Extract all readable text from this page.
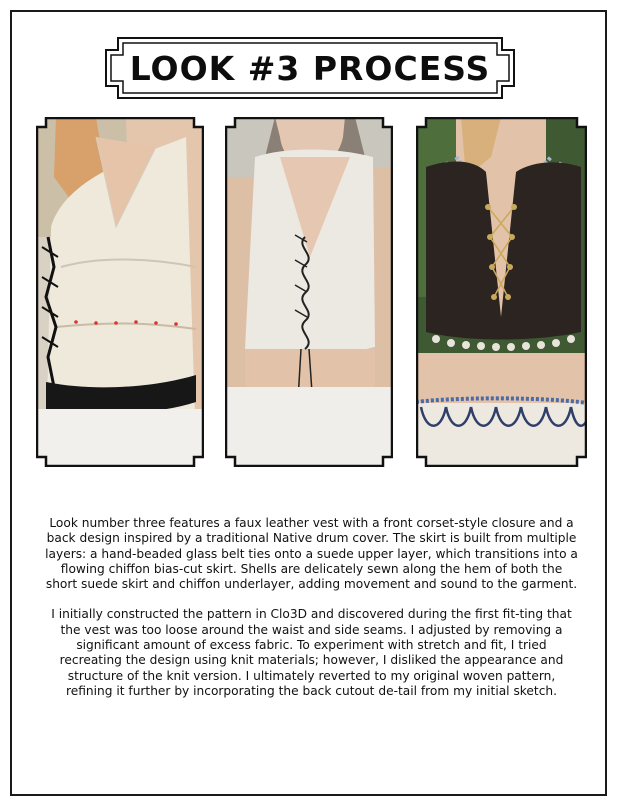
LOOK #3 PROCESS

Look number three features a faux leather vest with a front corset-style closure and a back design inspired by a traditional Native drum cover. The skirt is built from multiple layers: a hand-beaded glass belt ties onto a suede upper layer, which transitions into a flowing chiffon bias-cut skirt. Shells are delicately sewn along the hem of both the short suede skirt and chiffon underlayer, adding movement and sound to the garment.

I initially constructed the pattern in Clo3D and discovered during the first fit-ting that the vest was too loose around the waist and side seams. I adjusted by removing a significant amount of excess fabric. To experiment with stretch and fit, I tried recreating the design using knit materials; however, I disliked the appearance and structure of the knit version. I ultimately reverted to my original woven pattern, refining it further by incorporating the back cutout de-tail from my initial sketch.
